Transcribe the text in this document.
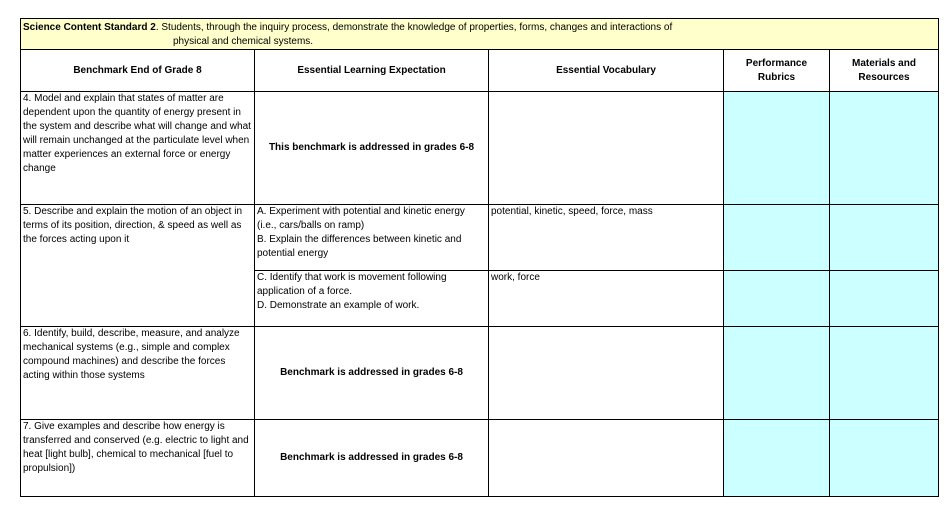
Science Content Standard 2. Students, through the inquiry process, demonstrate the knowledge of properties, forms, changes and interactions of
physical and chemical systems.				

Benchmark End of Grade 8	Essential Learning Expectation	Essential Vocabulary	Performance Rubrics	Materials and Resources
4. Model and explain that states of matter are dependent upon the quantity of energy present in the system and describe what will change and what will remain unchanged at the particulate level when matter experiences an external force or energy change	This benchmark is addressed in grades 6-8			
5. Describe and explain the motion of an object in terms of its position, direction, & speed as well as the forces acting upon it	A. Experiment with potential and kinetic energy (i.e., cars/balls on ramp)
B. Explain the differences between kinetic and potential energy	potential, kinetic, speed, force, mass		
	C. Identify that work is movement following application of a force.
D. Demonstrate an example of work.	work, force		
6. Identify, build, describe, measure, and analyze mechanical systems (e.g., simple and complex compound machines) and describe the forces acting within those systems	Benchmark is addressed in grades 6-8			
7. Give examples and describe how energy is transferred and conserved (e.g. electric to light and heat [light bulb], chemical to mechanical [fuel to propulsion])	Benchmark is addressed in grades 6-8			
